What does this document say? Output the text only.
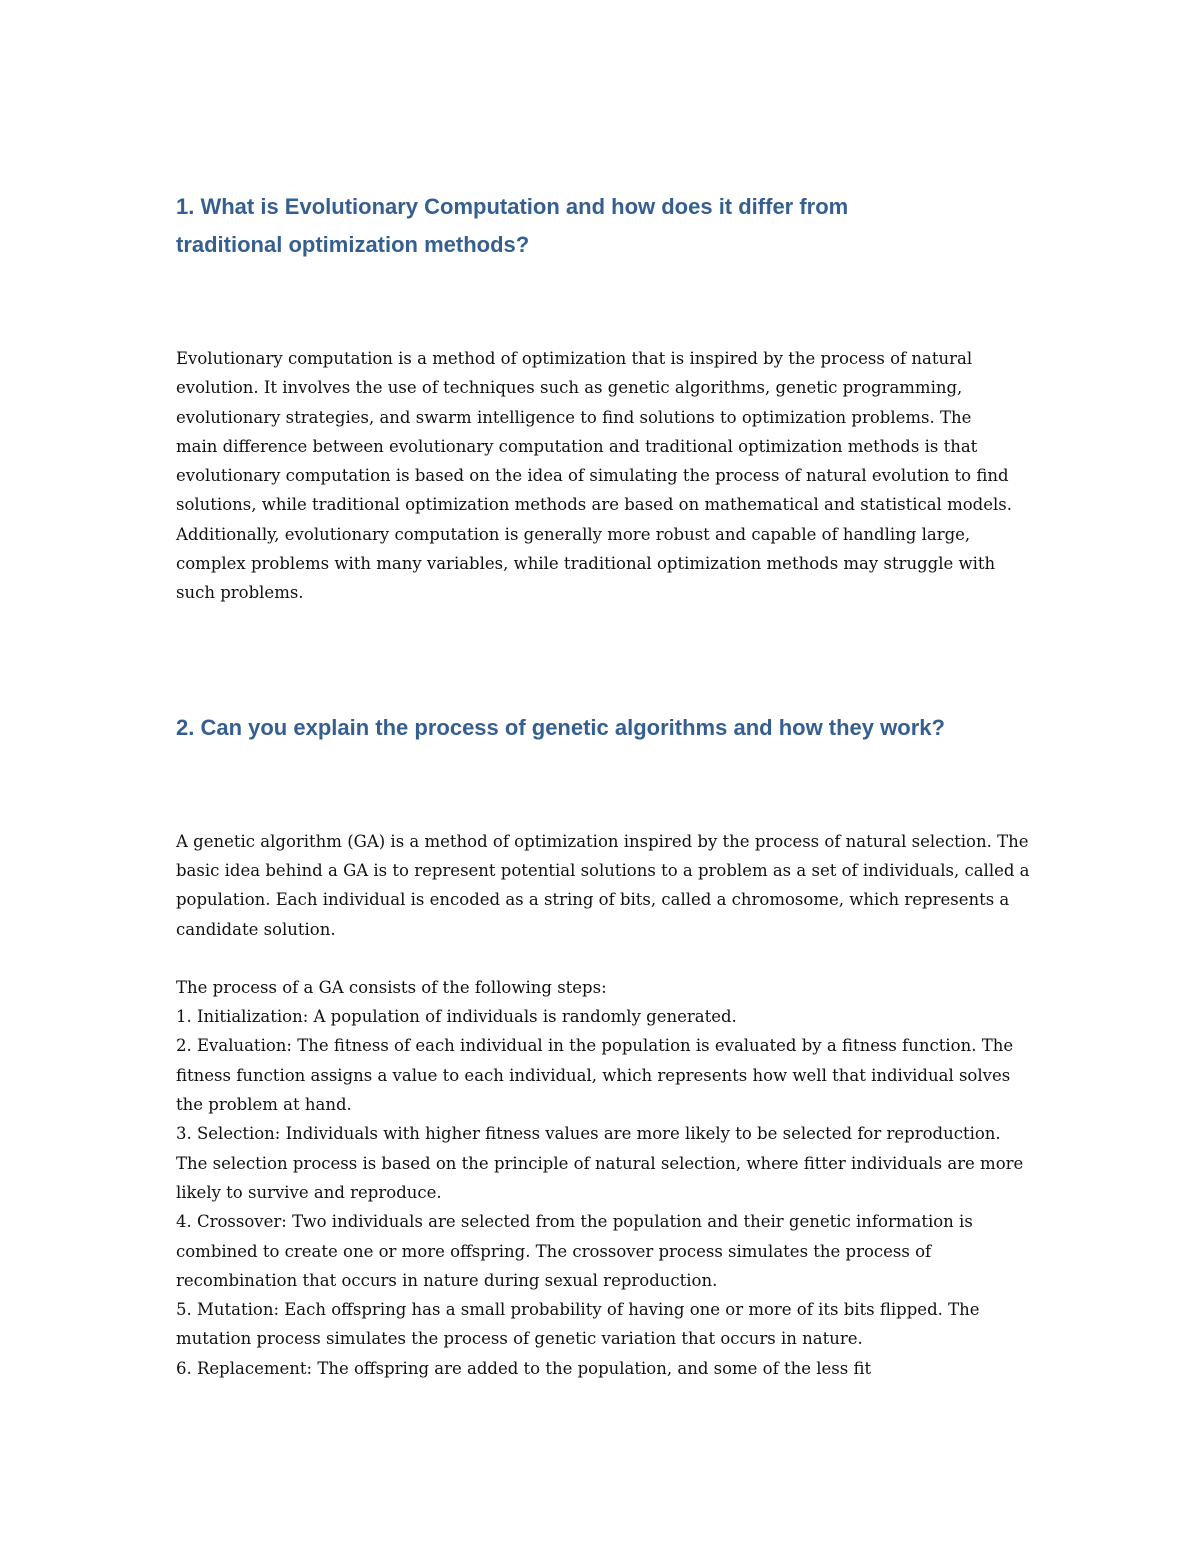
1. What is Evolutionary Computation and how does it differ from traditional optimization methods?

Evolutionary computation is a method of optimization that is inspired by the process of natural evolution. It involves the use of techniques such as genetic algorithms, genetic programming, evolutionary strategies, and swarm intelligence to find solutions to optimization problems. The main difference between evolutionary computation and traditional optimization methods is that evolutionary computation is based on the idea of simulating the process of natural evolution to find solutions, while traditional optimization methods are based on mathematical and statistical models. Additionally, evolutionary computation is generally more robust and capable of handling large, complex problems with many variables, while traditional optimization methods may struggle with such problems.

2. Can you explain the process of genetic algorithms and how they work?

A genetic algorithm (GA) is a method of optimization inspired by the process of natural selection. The basic idea behind a GA is to represent potential solutions to a problem as a set of individuals, called a population. Each individual is encoded as a string of bits, called a chromosome, which represents a candidate solution.

The process of a GA consists of the following steps:

1. Initialization: A population of individuals is randomly generated.
2. Evaluation: The fitness of each individual in the population is evaluated by a fitness function. The fitness function assigns a value to each individual, which represents how well that individual solves the problem at hand.
3. Selection: Individuals with higher fitness values are more likely to be selected for reproduction. The selection process is based on the principle of natural selection, where fitter individuals are more likely to survive and reproduce.
4. Crossover: Two individuals are selected from the population and their genetic information is combined to create one or more offspring. The crossover process simulates the process of recombination that occurs in nature during sexual reproduction.
5. Mutation: Each offspring has a small probability of having one or more of its bits flipped. The mutation process simulates the process of genetic variation that occurs in nature.
6. Replacement: The offspring are added to the population, and some of the less fit
